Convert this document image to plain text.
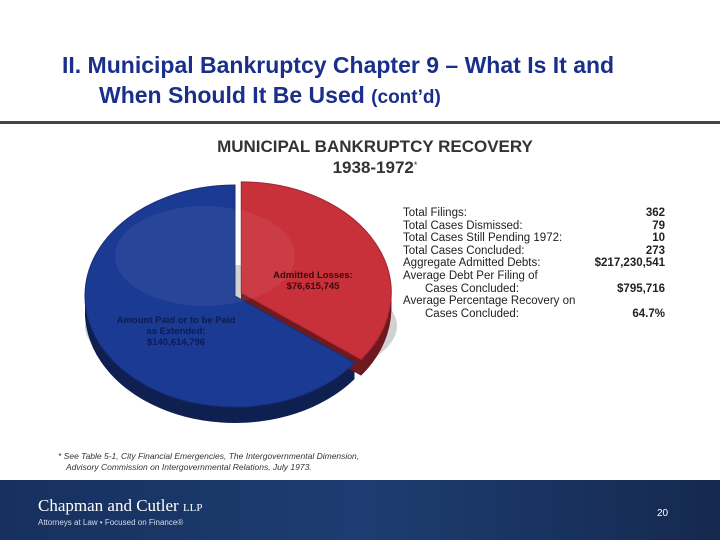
II. Municipal Bankruptcy Chapter 9 – What Is It and
When Should It Be Used (cont’d)
MUNICIPAL BANKRUPTCY RECOVERY
1938-1972*
Amount Paid or to be Paid as Extended:
$140,614,796
Admitted Losses:
$76,615,745
Total Filings:	362
Total Cases Dismissed:	79
Total Cases Still Pending 1972:	10
Total Cases Concluded:	273
Aggregate Admitted Debts:	$217,230,541
Average Debt Per Filing of
Cases Concluded:	$795,716
Average Percentage Recovery on
Cases Concluded:	64.7%
* See Table 5-1, City Financial Emergencies, The Intergovernmental Dimension,
Advisory Commission on Intergovernmental Relations, July 1973.
Chapman and Cutler LLP
Attorneys at Law • Focused on Finance®
20
